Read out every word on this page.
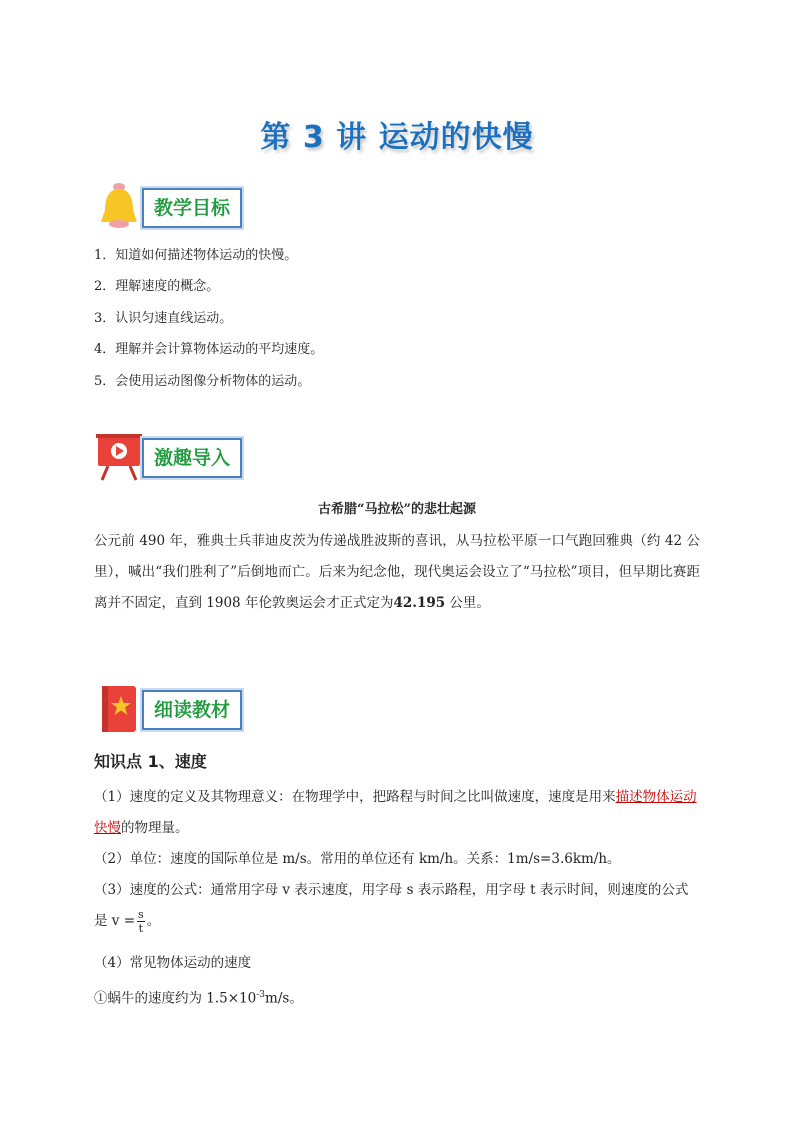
第 3 讲 运动的快慢
教学目标
1．知道如何描述物体运动的快慢。
2．理解速度的概念。
3．认识匀速直线运动。
4．理解并会计算物体运动的平均速度。
5．会使用运动图像分析物体的运动。
激趣导入
古希腊“马拉松”的悲壮起源
公元前 490 年，雅典士兵菲迪皮茨为传递战胜波斯的喜讯，从马拉松平原一口气跑回雅典（约 42 公里），喊出“我们胜利了”后倒地而亡。后来为纪念他，现代奥运会设立了“马拉松”项目，但早期比赛距离并不固定，直到 1908 年伦敦奥运会才正式定为42.195 公里。
细读教材
知识点 1、速度
（1）速度的定义及其物理意义：在物理学中，把路程与时间之比叫做速度，速度是用来描述物体运动快慢的物理量。
（2）单位：速度的国际单位是 m/s。常用的单位还有 km/h。关系：1m/s=3.6km/h。
（3）速度的公式：通常用字母 v 表示速度，用字母 s 表示路程，用字母 t 表示时间，则速度的公式是 $v = \frac{s}{t}$ 。
（4）常见物体运动的速度
①蜗牛的速度约为 $1.5\times 10^{-3}m/s$。
